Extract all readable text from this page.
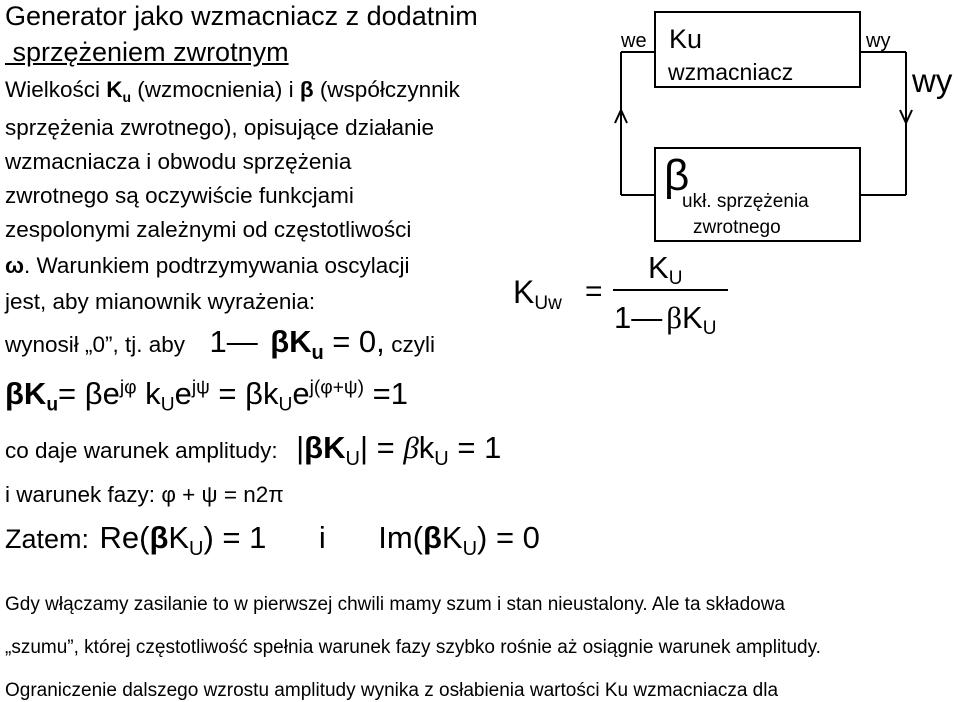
Generator jako wzmacniacz z dodatnim
sprzężeniem zwrotnym
Wielkości $K_u$ (wzmocnienia) i β (współczynnik
sprzężenia zwrotnego), opisujące działanie
wzmacniacza i obwodu sprzężenia
zwrotnego są oczywiście funkcjami
zespolonymi zależnymi od częstotliwości
ω. Warunkiem podtrzymywania oscylacji
jest, aby mianownik wyrażenia:
wynosił „0”, tj. aby 1— βKu = 0, czyli
$\beta K_u= \beta e^{j\varphi}$ $k_Ue^{j\psi} = \beta k_Ue^{j(\varphi+\psi)} =1$
co daje warunek amplitudy: |βKU| = βkU = 1
i warunek fazy: φ + ψ = n2π
Zatem: Re(βKU) = 1 i Im(βKU) = 0
Gdy włączamy zasilanie to w pierwszej chwili mamy szum i stan nieustalony. Ale ta składowa
„szumu”, której częstotliwość spełnia warunek fazy szybko rośnie aż osiągnie warunek amplitudy.
Ograniczenie dalszego wzrostu amplitudy wynika z osłabienia wartości Ku wzmacniacza dla
we Ku
wzmacniacz
wy
wy
β
ukł. sprzężenia
zwrotnego
KUw =
KU
1— βKU
